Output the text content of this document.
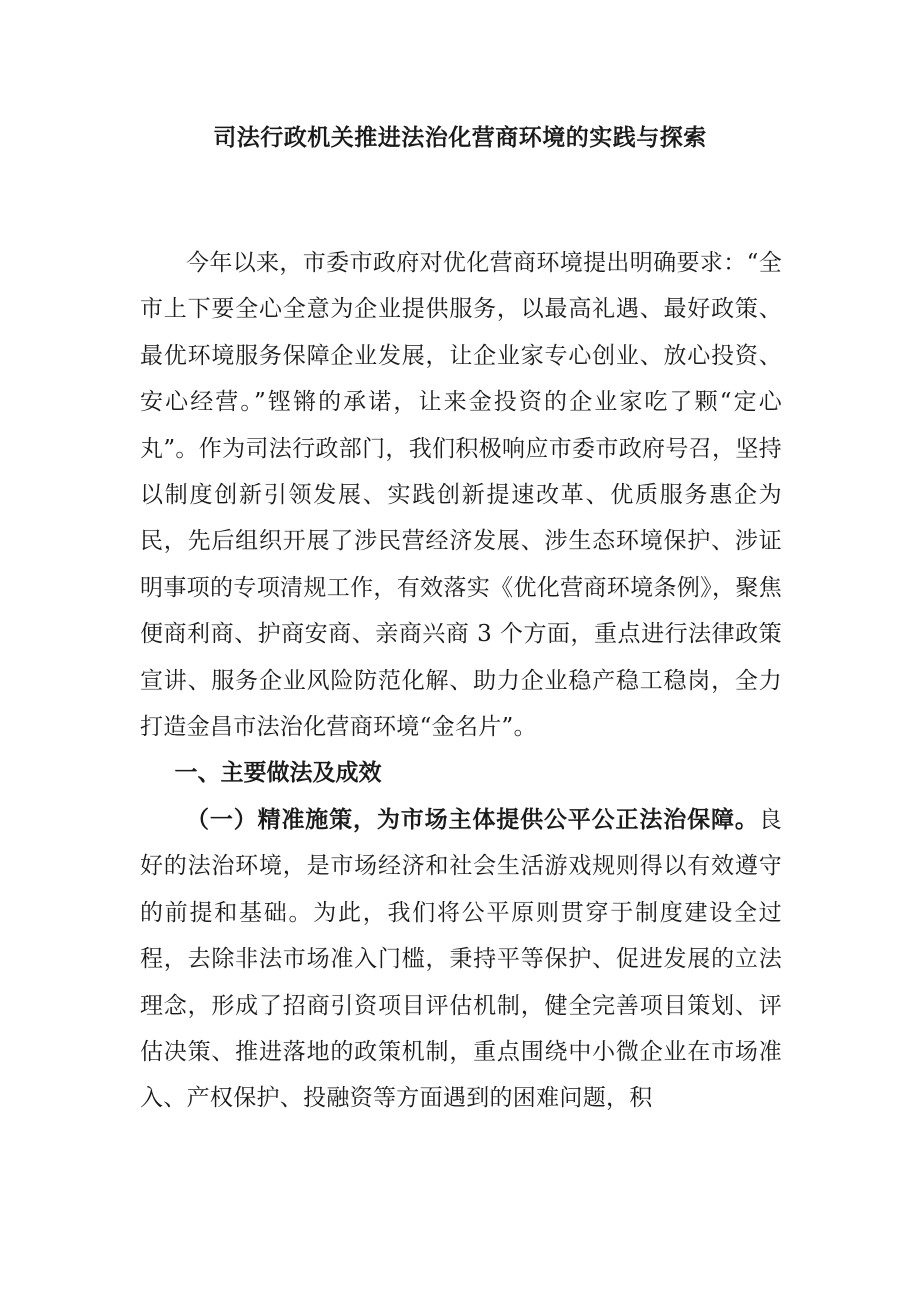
司法行政机关推进法治化营商环境的实践与探索

今年以来，市委市政府对优化营商环境提出明确要求：“全市上下要全心全意为企业提供服务，以最高礼遇、最好政策、最优环境服务保障企业发展，让企业家专心创业、放心投资、安心经营。”铿锵的承诺，让来金投资的企业家吃了颗“定心丸”。作为司法行政部门，我们积极响应市委市政府号召，坚持以制度创新引领发展、实践创新提速改革、优质服务惠企为民，先后组织开展了涉民营经济发展、涉生态环境保护、涉证明事项的专项清规工作，有效落实《优化营商环境条例》，聚焦便商利商、护商安商、亲商兴商 3 个方面，重点进行法律政策宣讲、服务企业风险防范化解、助力企业稳产稳工稳岗，全力打造金昌市法治化营商环境“金名片”。

一、主要做法及成效

（一）精准施策，为市场主体提供公平公正法治保障。良好的法治环境，是市场经济和社会生活游戏规则得以有效遵守的前提和基础。为此，我们将公平原则贯穿于制度建设全过程，去除非法市场准入门槛，秉持平等保护、促进发展的立法理念，形成了招商引资项目评估机制，健全完善项目策划、评估决策、推进落地的政策机制，重点围绕中小微企业在市场准入、产权保护、投融资等方面遇到的困难问题，积
